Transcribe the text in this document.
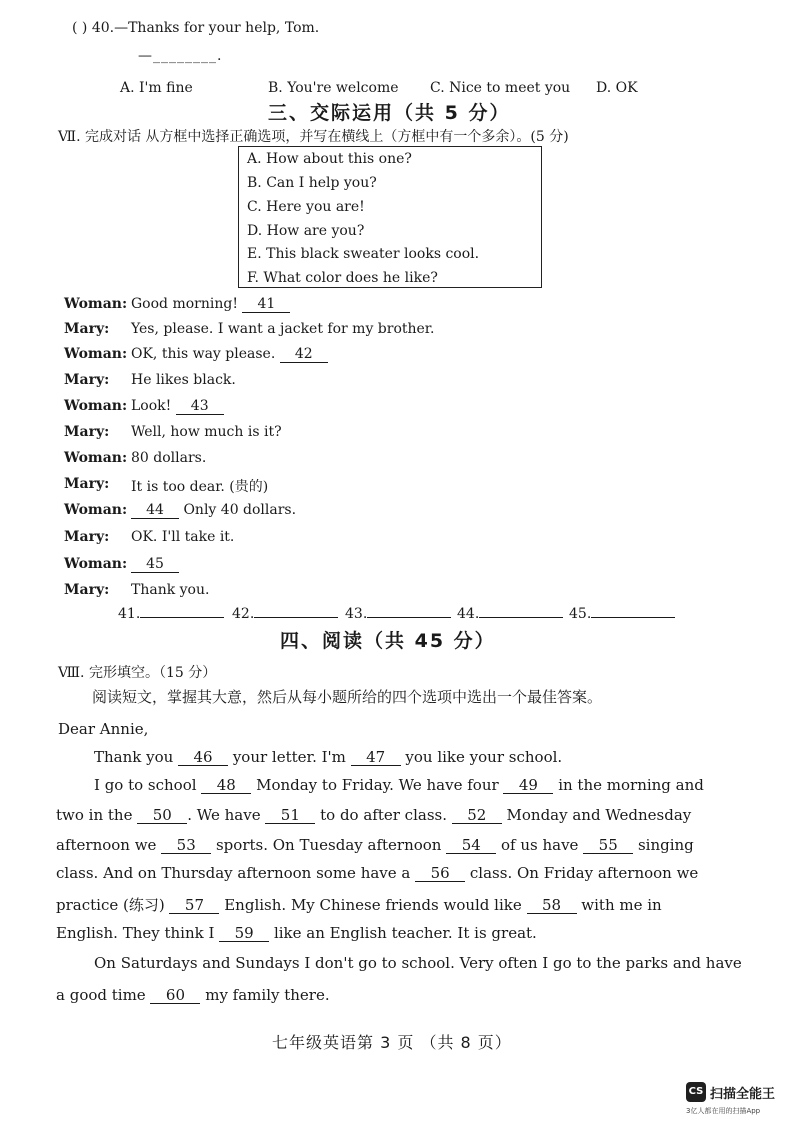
( ) 40.—Thanks for your help, Tom.
—________.
A. I'm fine	B. You're welcome C. Nice to meet you D. OK
三、交际运用（共 5 分）
Ⅶ. 完成对话 从方框中选择正确选项，并写在横线上（方框中有一个多余）。(5 分)
A. How about this one?
B. Can I help you?
C. Here you are!
D. How are you?
E. This black sweater looks cool.
F. What color does he like?
Woman: Good morning! 41
Mary: Yes, please. I want a jacket for my brother.
Woman: OK, this way please. 42
Mary: He likes black.
Woman: Look! 43
Mary: Well, how much is it?
Woman: 80 dollars.
Mary: It is too dear. (贵的)
Woman:	44 Only 40 dollars.
Mary: OK. I'll take it.
Woman:	45
Mary: Thank you.
41.	42.	43.	44.	45.
四、阅读（共 45 分）
Ⅷ. 完形填空。（15 分）
阅读短文，掌握其大意，然后从每小题所给的四个选项中选出一个最佳答案。
Dear Annie,
Thank you 46 your letter. I'm 47 you like your school.
I go to school 48 Monday to Friday. We have four 49 in the morning and
two in the 50 . We have 51 to do after class. 52 Monday and Wednesday
afternoon we 53 sports. On Tuesday afternoon 54 of us have 55 singing
class. And on Thursday afternoon some have a 56 class. On Friday afternoon we
practice (练习) 57 English. My Chinese friends would like 58 with me in
English. They think I 59 like an English teacher. It is great.
On Saturdays and Sundays I don't go to school. Very often I go to the parks and have
a good time 60 my family there.
七年级英语第 3 页 （共 8 页）
CS 扫描全能王
3亿人都在用的扫描App
